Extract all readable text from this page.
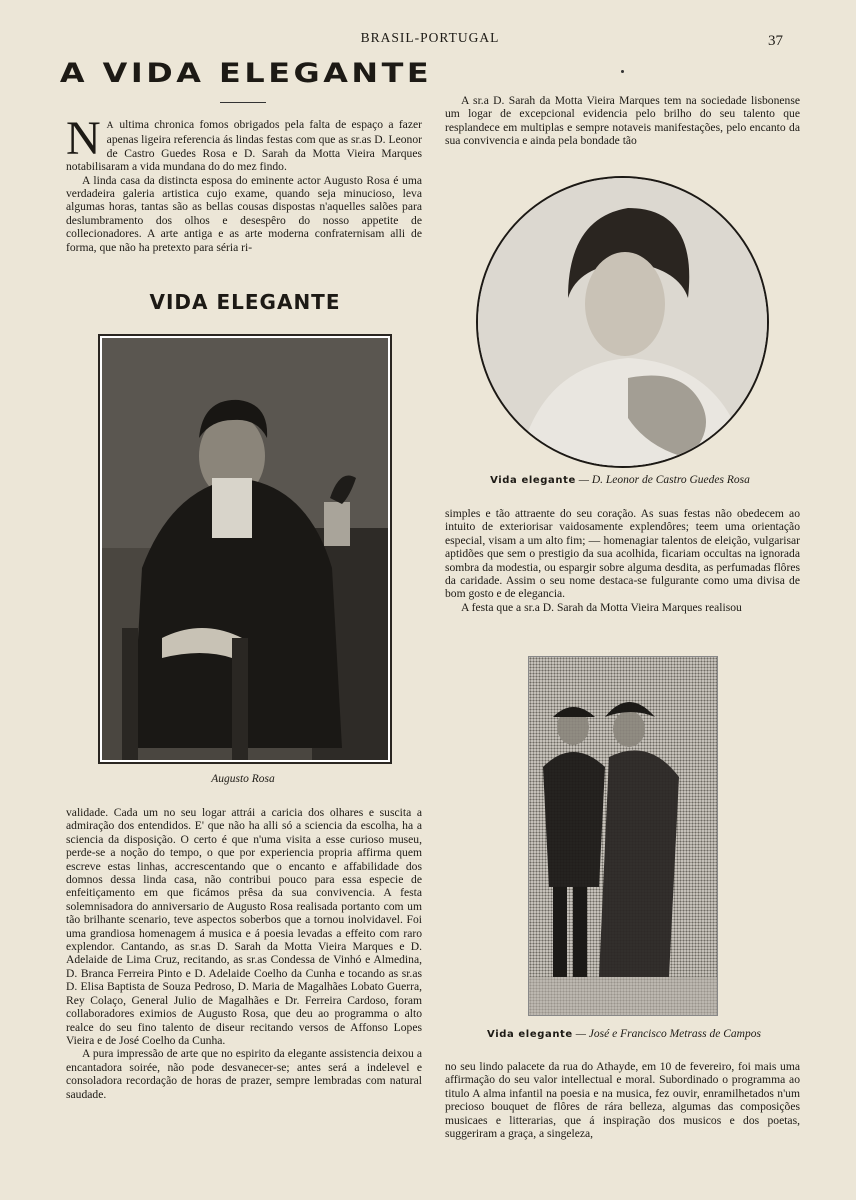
BRASIL-PORTUGAL	37
A VIDA ELEGANTE

N A ultima chronica fomos obrigados pela falta de espaço a fazer apenas ligeira referencia ás lindas festas com que as sr.as D. Leonor de Castro Guedes Rosa e D. Sarah da Motta Vieira Marques notabilisaram a vida mundana do do mez findo.

A linda casa da distincta esposa do eminente actor Augusto Rosa é uma verdadeira galeria artistica cujo exame, quando seja minucioso, leva algumas horas, tantas são as bellas cousas dispostas n'aquelles salões para deslumbramento dos olhos e desespêro do nosso appetite de collecionadores. A arte antiga e as arte moderna confraternisam alli de forma, que não ha pretexto para séria ri-

VIDA ELEGANTE
Augusto Rosa

validade. Cada um no seu logar attrái a caricia dos olhares e suscita a admiração dos entendidos. E' que não ha alli só a sciencia da escolha, ha a sciencia da disposição. O certo é que n'uma visita a esse curioso museu, perde-se a noção do tempo, o que por experiencia propria affirma quem escreve estas linhas, accrescentando que o encanto e affabilidade dos domnos dessa linda casa, não contribui pouco para essa especie de enfeitiçamento em que ficámos prêsa da sua convivencia. A festa solemnisadora do anniversario de Augusto Rosa realisada portanto com um tão brilhante scenario, teve aspectos soberbos que a tornou inolvidavel. Foi uma grandiosa homenagem á musica e á poesia levadas a effeito com raro explendor. Cantando, as sr.as D. Sarah da Motta Vieira Marques e D. Adelaide de Lima Cruz, recitando, as sr.as Condessa de Vinhó e Almedina, D. Branca Ferreira Pinto e D. Adelaide Coelho da Cunha e tocando as sr.as D. Elisa Baptista de Souza Pedroso, D. Maria de Magalhães Lobato Guerra, Rey Colaço, General Julio de Magalhães e Dr. Ferreira Cardoso, foram collaboradores eximios de Augusto Rosa, que deu ao programma o alto realce do seu fino talento de diseur recitando versos de Affonso Lopes Vieira e de José Coelho da Cunha.

A pura impressão de arte que no espirito da elegante assistencia deixou a encantadora soirée, não pode desvanecer-se; antes será a indelevel e consoladora recordação de horas de prazer, sempre lembradas com natural saudade.

A sr.a D. Sarah da Motta Vieira Marques tem na sociedade lisbonense um logar de excepcional evidencia pelo brilho do seu talento que resplandece em multiplas e sempre notaveis manifestações, pelo encanto da sua convivencia e ainda pela bondade tão

Vida elegante — D. Leonor de Castro Guedes Rosa

simples e tão attraente do seu coração. As suas festas não obedecem ao intuito de exteriorisar vaidosamente explendôres; teem uma orientação especial, visam a um alto fim; — homenagiar talentos de eleição, vulgarisar aptidões que sem o prestigio da sua acolhida, ficariam occultas na ignorada sombra da modestia, ou espargir sobre alguma desdita, as perfumadas flôres da caridade. Assim o seu nome destaca-se fulgurante como uma divisa de bom gosto e de elegancia.

A festa que a sr.a D. Sarah da Motta Vieira Marques realisou

Vida elegante — José e Francisco Metrass de Campos

no seu lindo palacete da rua do Athayde, em 10 de fevereiro, foi mais uma affirmação do seu valor intellectual e moral. Subordinado o programma ao titulo A alma infantil na poesia e na musica, fez ouvir, enramilhetados n'um precioso bouquet de flôres de rára belleza, algumas das composições musicaes e litterarias, que á inspiração dos musicos e dos poetas, suggeriram a graça, a singeleza,
